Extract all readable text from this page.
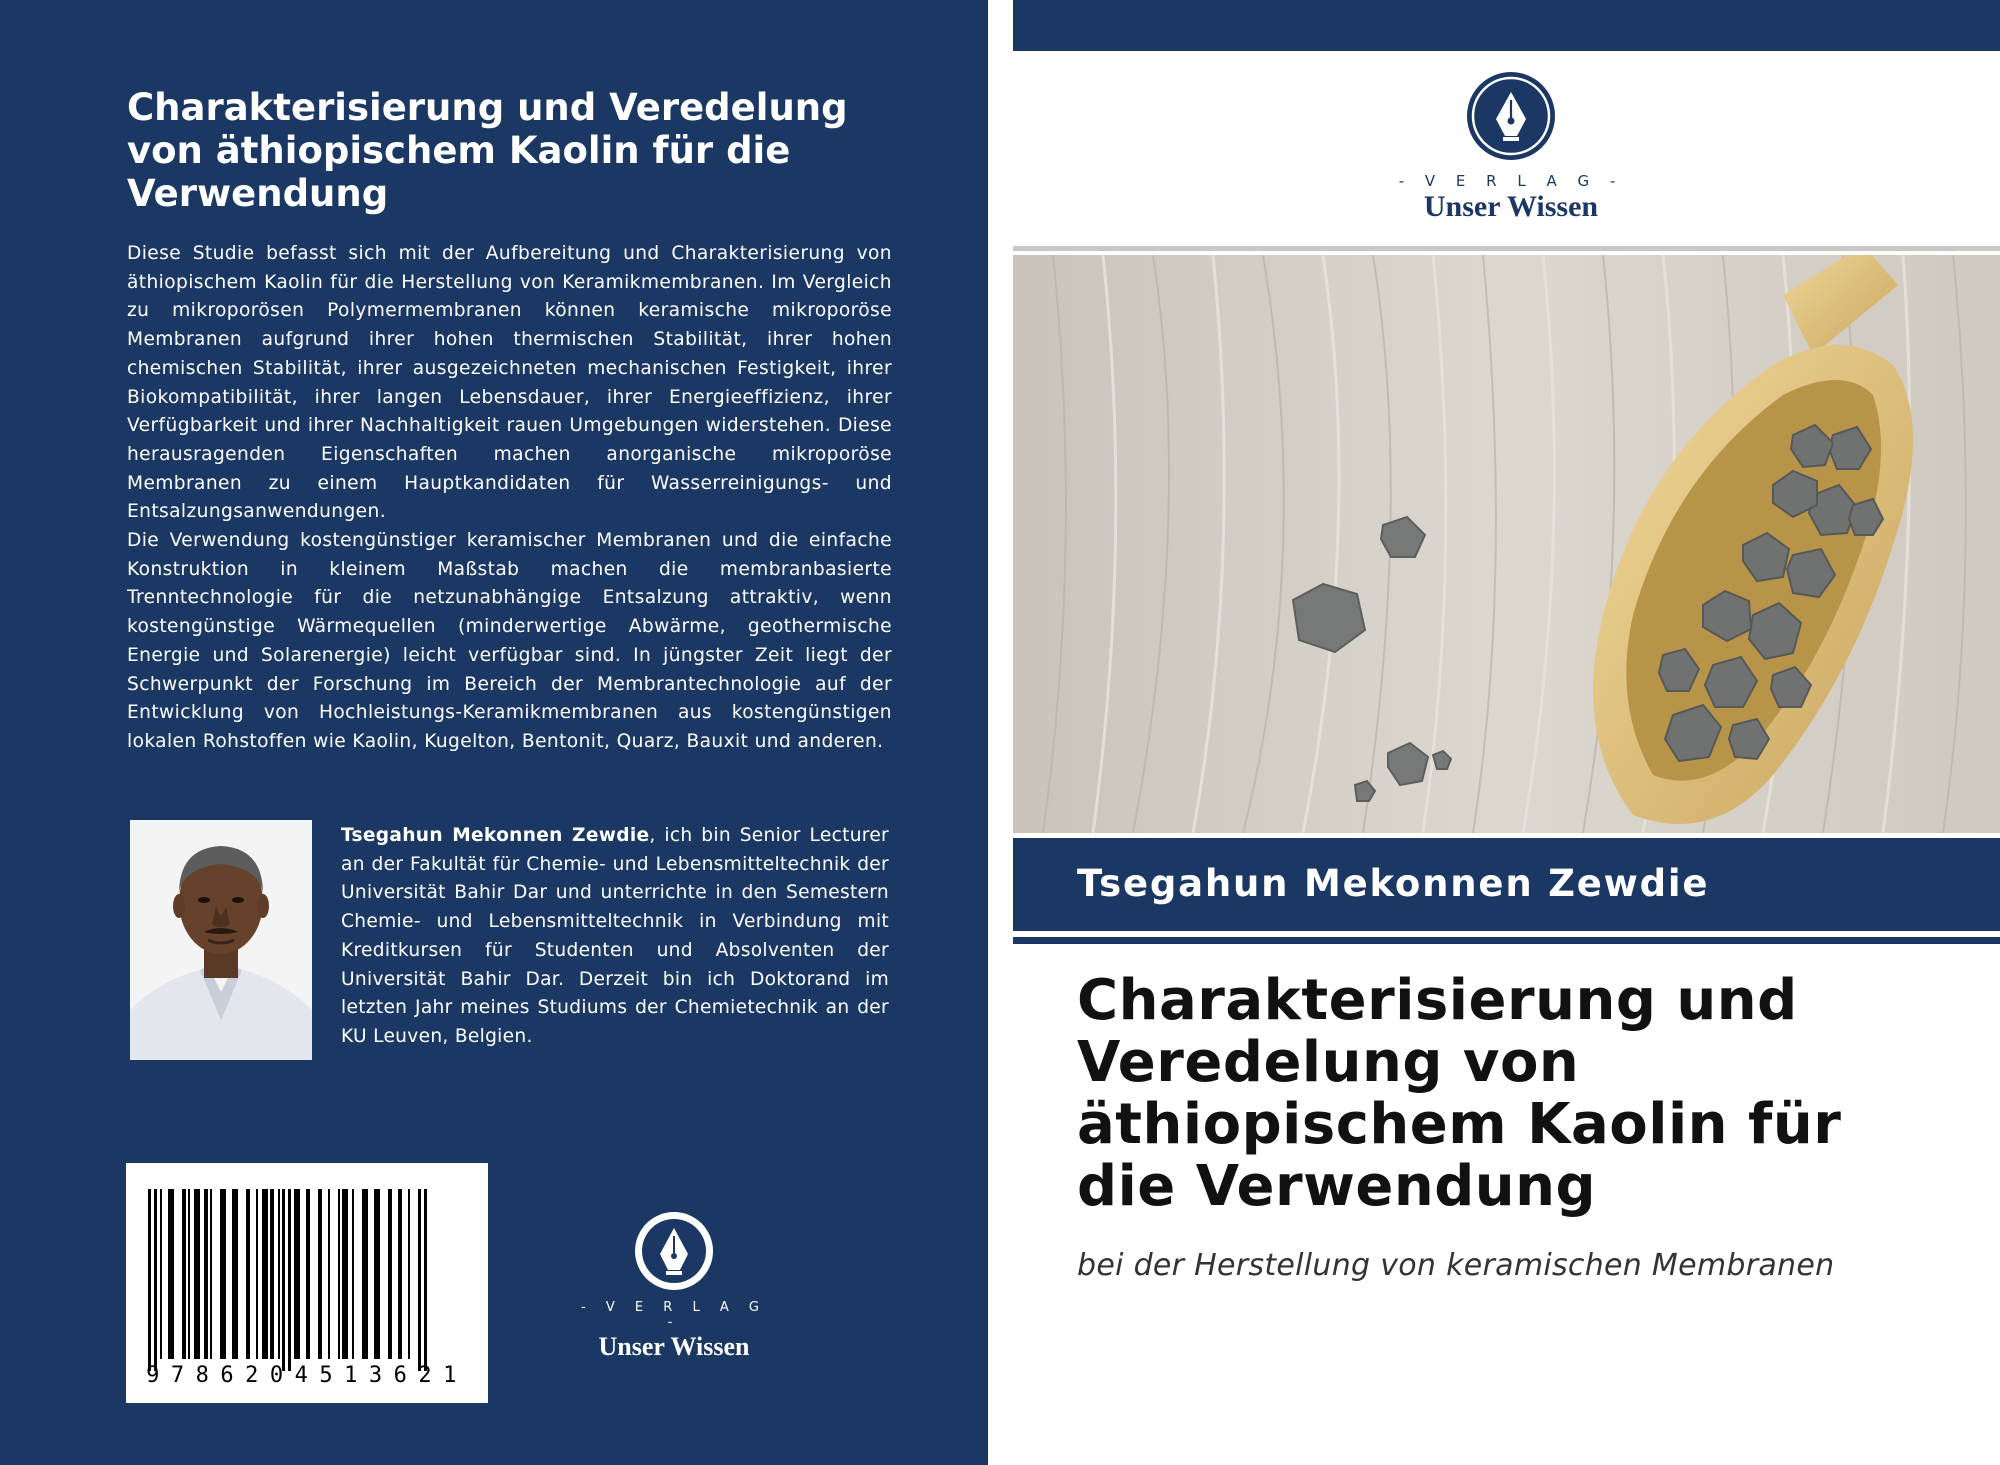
Charakterisierung und Veredelung von äthiopischem Kaolin für die Verwendung

Diese Studie befasst sich mit der Aufbereitung und Charakterisierung von äthiopischem Kaolin für die Herstellung von Keramikmembranen. Im Vergleich zu mikroporösen Polymermembranen können keramische mikroporöse Membranen aufgrund ihrer hohen thermischen Stabilität, ihrer hohen chemischen Stabilität, ihrer ausgezeichneten mechanischen Festigkeit, ihrer Biokompatibilität, ihrer langen Lebensdauer, ihrer Energieeffizienz, ihrer Verfügbarkeit und ihrer Nachhaltigkeit rauen Umgebungen widerstehen. Diese herausragenden Eigenschaften machen anorganische mikroporöse Membranen zu einem Hauptkandidaten für Wasserreinigungs- und Entsalzungsanwendungen.

Die Verwendung kostengünstiger keramischer Membranen und die einfache Konstruktion in kleinem Maßstab machen die membranbasierte Trenntechnologie für die netzunabhängige Entsalzung attraktiv, wenn kostengünstige Wärmequellen (minderwertige Abwärme, geothermische Energie und Solarenergie) leicht verfügbar sind. In jüngster Zeit liegt der Schwerpunkt der Forschung im Bereich der Membrantechnologie auf der Entwicklung von Hochleistungs-Keramikmembranen aus kostengünstigen lokalen Rohstoffen wie Kaolin, Kugelton, Bentonit, Quarz, Bauxit und anderen.

Tsegahun Mekonnen Zewdie, ich bin Senior Lecturer an der Fakultät für Chemie- und Lebensmitteltechnik der Universität Bahir Dar und unterrichte in den Semestern Chemie- und Lebensmitteltechnik in Verbindung mit Kreditkursen für Studenten und Absolventen der Universität Bahir Dar. Derzeit bin ich Doktorand im letzten Jahr meines Studiums der Chemietechnik an der KU Leuven, Belgien.

9786204513621
- V E R L A G -
Unser Wissen
- V E R L A G -
Unser Wissen

Tsegahun Mekonnen Zewdie

Charakterisierung und Veredelung von äthiopischem Kaolin für die Verwendung
bei der Herstellung von keramischen Membranen
